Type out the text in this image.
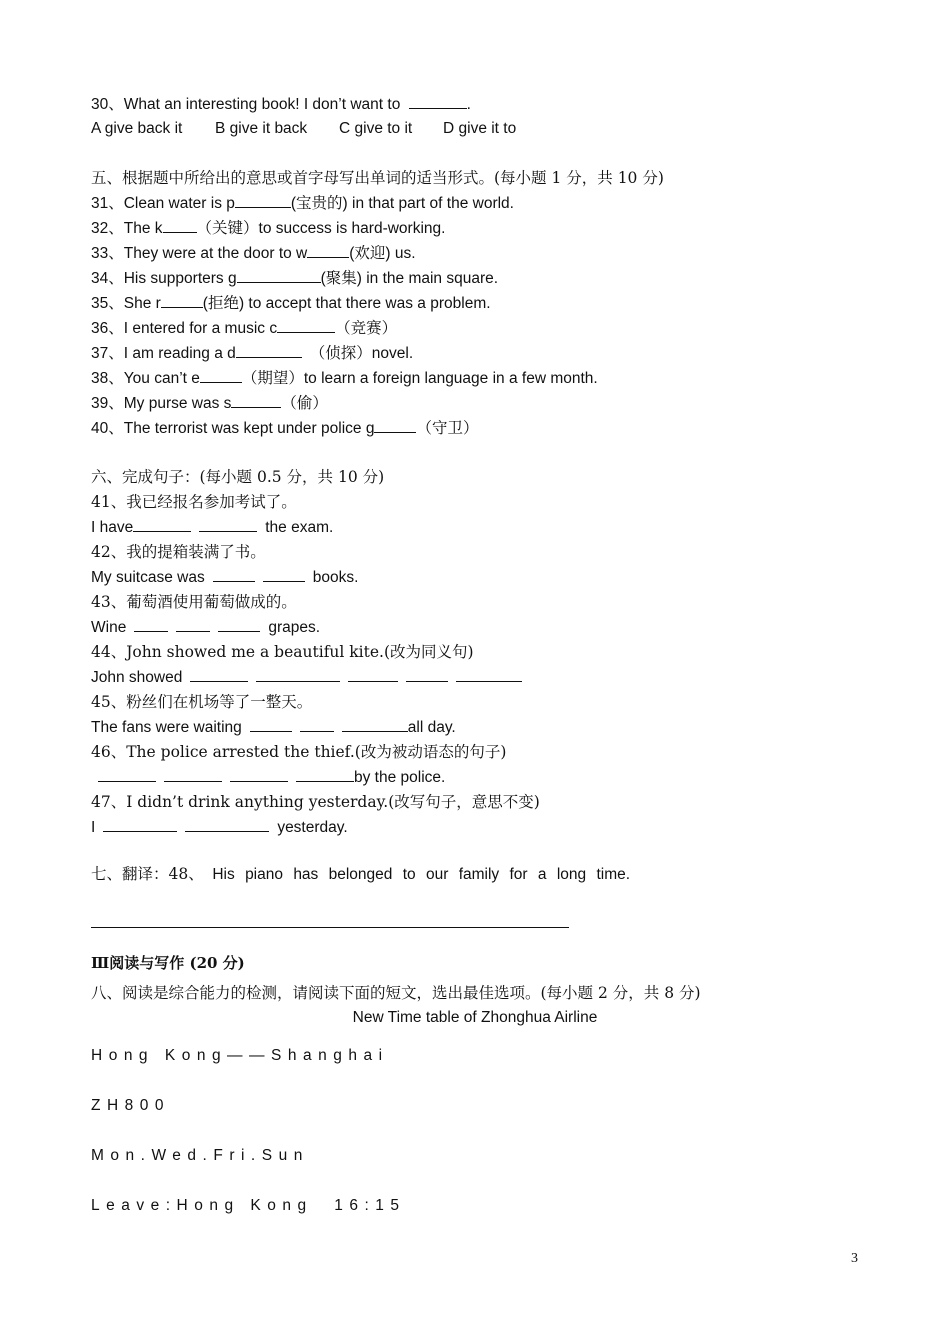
30、What an interesting book! I don’t want to	.
A give back it B give it back C give to it D give it to
五、根据题中所给出的意思或首字母写出单词的适当形式。(每小题 1 分，共 10 分)
31、Clean water is p	(宝贵的) in that part of the world.
32、The k （关键）to success is hard-working.
33、They were at the door to w	(欢迎) us.
34、His supporters g	(聚集) in the main square.
35、She r	(拒绝) to accept that there was a problem.
36、I entered for a music c	（竞赛）
37、I am reading a d	（侦探）novel.
38、You can’t e	（期望）to learn a foreign language in a few month.
39、My purse was s	（偷）
40、The terrorist was kept under police g	（守卫）
六、完成句子：(每小题 0.5 分，共 10 分)
41、我已经报名参加考试了。
I have	the exam.
42、我的提箱装满了书。
My suitcase was	books.
43、葡萄酒使用葡萄做成的。
Wine	grapes.
44、John showed me a beautiful kite.(改为同义句)
John showed
45、粉丝们在机场等了一整天。
The fans were waiting	all day.
46、The police arrested the thief.(改为被动语态的句子)
by the police.
47、I didn’t drink anything yesterday.(改写句子，意思不变)
I	yesterday.
七、翻译：48、 His piano has belonged to our family for a long time.
Ⅲ阅读与写作 (20 分)
八、阅读是综合能力的检测，请阅读下面的短文，选出最佳选项。(每小题 2 分，共 8 分)
New Time table of Zhonghua Airline
Hong Kong——Shanghai
ZH800
Mon.Wed.Fri.Sun
Leave:Hong Kong  16:15
3
